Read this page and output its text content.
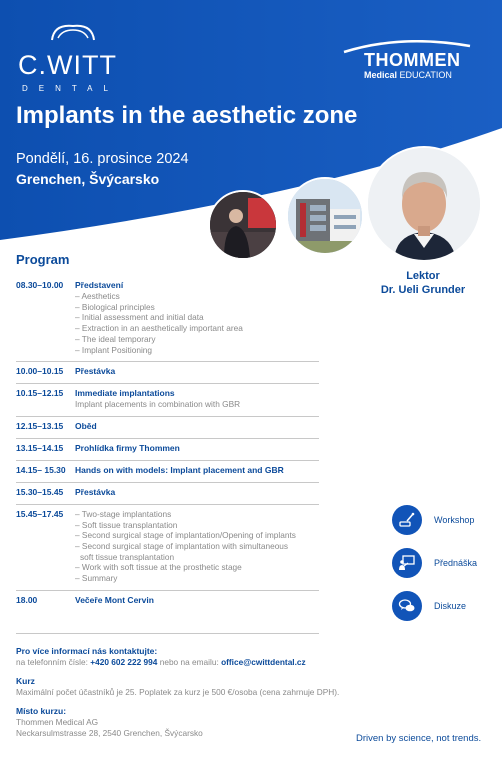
C.WITT
DENTAL
THOMMEN
Medical EDUCATION
Implants in the aesthetic zone
Pondělí, 16. prosince 2024
Grenchen, Švýcarsko
Lektor
Dr. Ueli Grunder
Program
08.30–10.00	Představení
– Aesthetics
– Biological principles
– Initial assessment and initial data
– Extraction in an aesthetically important area
– The ideal temporary
– Implant Positioning
10.00–10.15	Přestávka
10.15–12.15	Immediate implantations
Implant placements in combination with GBR
12.15–13.15	Oběd
13.15–14.15	Prohlídka firmy Thommen
14.15– 15.30	Hands on with models: Implant placement and GBR
15.30–15.45	Přestávka
15.45–17.45	– Two-stage implantations
– Soft tissue transplantation
– Second surgical stage of implantation/Opening of implants
– Second surgical stage of implantation with simultaneous
soft tissue transplantation
– Work with soft tissue at the prosthetic stage
– Summary
18.00	Večeře Mont Cervin
Workshop
Přednáška
Diskuze
Pro více informací nás kontaktujte:
na telefonním čísle: +420 602 222 994 nebo na emailu: office@cwittdental.cz
Kurz
Maximální počet účastníků je 25. Poplatek za kurz je 500 €/osoba (cena zahrnuje DPH).
Místo kurzu:
Thommen Medical AG
Neckarsulmstrasse 28, 2540 Grenchen, Švýcarsko	Driven by science, not trends.
